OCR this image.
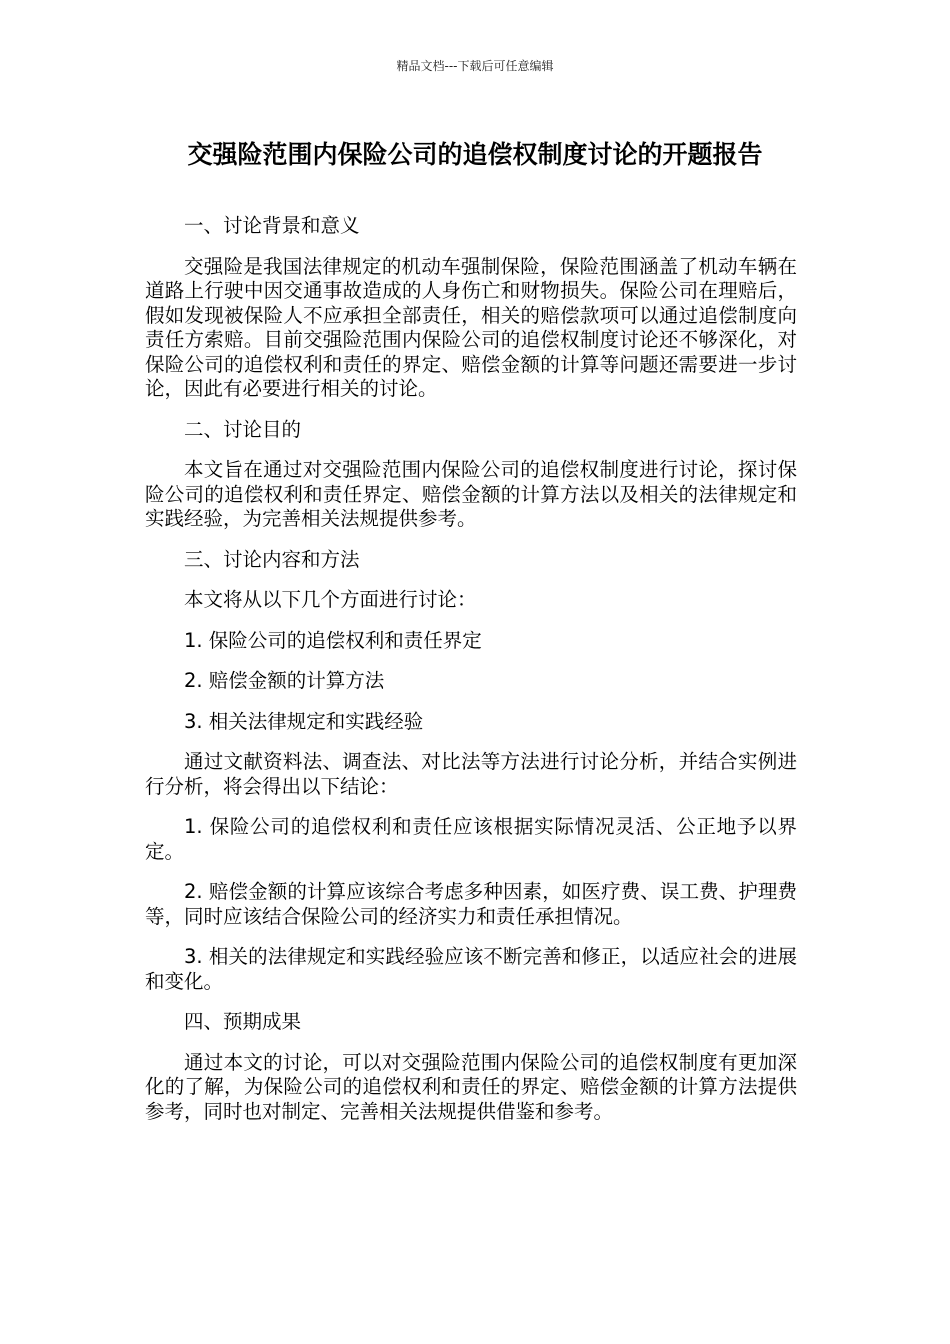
精品文档---下载后可任意编辑
交强险范围内保险公司的追偿权制度讨论的开题报告

一、讨论背景和意义

交强险是我国法律规定的机动车强制保险，保险范围涵盖了机动车辆在道路上行驶中因交通事故造成的人身伤亡和财物损失。保险公司在理赔后，假如发现被保险人不应承担全部责任，相关的赔偿款项可以通过追偿制度向责任方索赔。目前交强险范围内保险公司的追偿权制度讨论还不够深化，对保险公司的追偿权利和责任的界定、赔偿金额的计算等问题还需要进一步讨论，因此有必要进行相关的讨论。

二、讨论目的

本文旨在通过对交强险范围内保险公司的追偿权制度进行讨论，探讨保险公司的追偿权利和责任界定、赔偿金额的计算方法以及相关的法律规定和实践经验，为完善相关法规提供参考。

三、讨论内容和方法

本文将从以下几个方面进行讨论：

1. 保险公司的追偿权利和责任界定

2. 赔偿金额的计算方法

3. 相关法律规定和实践经验

通过文献资料法、调查法、对比法等方法进行讨论分析，并结合实例进行分析，将会得出以下结论：

1. 保险公司的追偿权利和责任应该根据实际情况灵活、公正地予以界定。

2. 赔偿金额的计算应该综合考虑多种因素，如医疗费、误工费、护理费等，同时应该结合保险公司的经济实力和责任承担情况。

3. 相关的法律规定和实践经验应该不断完善和修正，以适应社会的进展和变化。

四、预期成果

通过本文的讨论，可以对交强险范围内保险公司的追偿权制度有更加深化的了解，为保险公司的追偿权利和责任的界定、赔偿金额的计算方法提供参考，同时也对制定、完善相关法规提供借鉴和参考。
